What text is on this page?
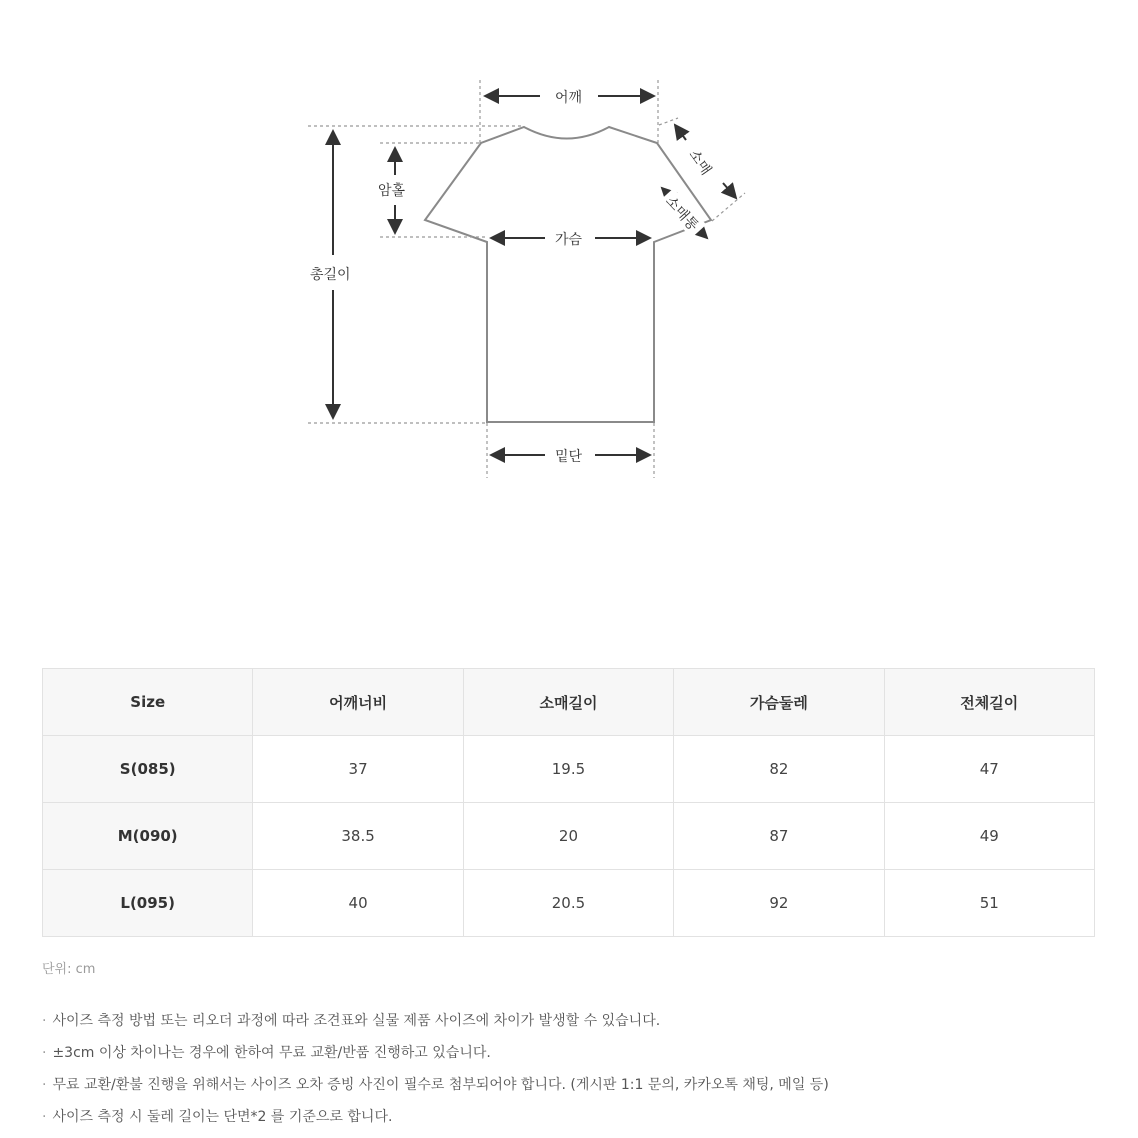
어깨
암홀
총길이
가슴
밑단
소매
소매통
Size	어깨너비	소매길이	가슴둘레	전체길이
S(085)	37	19.5	82	47
M(090)	38.5	20	87	49
L(095)	40	20.5	92	51
단위: cm
· 사이즈 측정 방법 또는 리오더 과정에 따라 조견표와 실물 제품 사이즈에 차이가 발생할 수 있습니다.
· ±3cm 이상 차이나는 경우에 한하여 무료 교환/반품 진행하고 있습니다.
· 무료 교환/환불 진행을 위해서는 사이즈 오차 증빙 사진이 필수로 첨부되어야 합니다. (게시판 1:1 문의, 카카오톡 채팅, 메일 등)
· 사이즈 측정 시 둘레 길이는 단면*2 를 기준으로 합니다.
